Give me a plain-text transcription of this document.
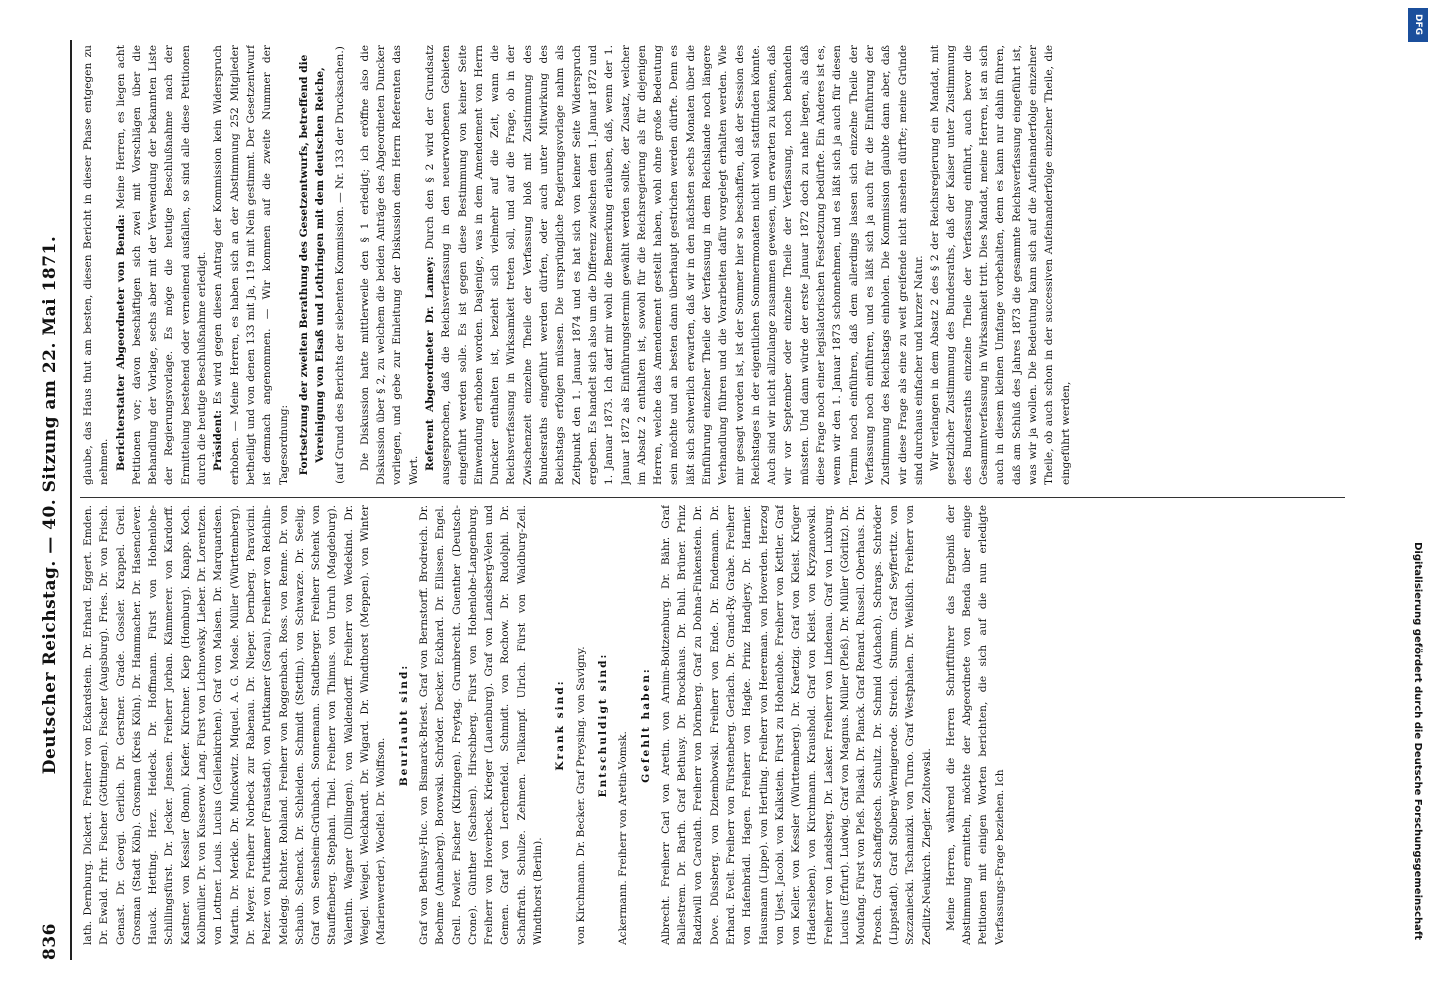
836
Deutscher Reichstag. — 40. Sitzung am 22. Mai 1871. lath. Dernburg. Dickert. Freiherr von Eckardstein. Dr. Erhard. Eggert. Emden. Dr. Ewald. Frhr. Fischer (Göttingen). Fischer (Augsburg). Fries. Dr. von Frisch. Genast. Dr. Georgi. Gerlich. Dr. Gerstner. Grade. Gossler. Krappel. Greil. Grosman (Stadt Köln). Grosman (Kreis Köln). Dr. Hammacher. Dr. Hasenclever. Hauck. Hetting. Herz. Heideck. Dr. Hoffmann. Fürst von Hohenlohe-Schillingsfürst. Dr. Jecker. Jensen. Freiherr Jorban. Kämmerer. von Kardorff. Kastner. von Kessler (Bonn). Kiefer. Kirchner. Kiep (Homburg). Knapp. Koch. Kolbmüller. Dr. von Kusserow. Lang. Fürst von Lichnowsky. Lieber. Dr. Lorentzen. von Lottner. Louis. Lucius (Geilenkirchen). Graf von Malsen. Dr. Marquardsen. Martin. Dr. Merkle. Dr. Minckwitz. Miquel. A. G. Mosle. Müller (Württemberg). Dr. Meyer. Freiherr Norbeck zur Rabenau. Dr. Nieper. Dernberg. Paravicini. Pelzer. von Puttkamer (Fraustadt). von Puttkamer (Sorau). Freiherr von Reichlin-Meldegg. Richter. Rohland. Freiherr von Roggenbach. Ross. von Renne. Dr. von Schaub. Schenck. Dr. Schleiden. Schmidt (Stettin). von Schwarze. Dr. Seelig. Graf von Sensheim-Grünbach. Sonnemann. Stadtberger. Freiherr Schenk von Stauffenberg. Stephani. Thiel. Freiherr von Thimus. von Unruh (Magdeburg). Valentin. Wagner (Dillingen). von Waldendorff. Freiherr von Wedekind. Dr. Weigel. Weigel. Welckhardt. Dr. Wigard. Dr. Windthorst (Meppen). von Winter (Marienwerder). Woelfel. Dr. Wolffson.

Beurlaubt sind: Graf von Bethusy-Huc. von Bismarck-Briest. Graf von Bernstorff. Brodreich. Dr. Boehme (Annaberg). Borowski. Schröder. Decker. Eckhard. Dr. Ellissen. Engel. Grell. Fowler. Fischer (Kitzingen). Freytag. Grumbrecht. Guenther (Deutsch-Crone). Günther (Sachsen). Hirschberg. Fürst von Hohenlohe-Langenburg. Freiherr von Hoverbeck. Krieger (Lauenburg). Graf von Landsberg-Velen und Gemen. Graf von Lerchenfeld. Schmidt. von Rochow. Dr. Rudolphi. Dr. Schaffrath. Schulze. Zehmen. Tellkampf. Ulrich. Fürst von Waldburg-Zeil. Windthorst (Berlin).

Krank sind: von Kirchmann. Dr. Becker. Graf Preysing. von Savigny. Entschuldigt sind:

Ackermann. Freiherr von Aretin-Vomsk.

Gefehlt haben: Albrecht. Freiherr Carl von Aretin. von Arnim-Boitzenburg. Dr. Bähr. Graf Ballestrem. Dr. Barth. Graf Bethusy. Dr. Brockhaus. Dr. Buhl. Brüner. Prinz Radziwill von Carolath. Freiherr von Dörnberg. Graf zu Dohna-Finkenstein. Dr. Dove. Düssberg. von Dziembowski. Freiherr von Ende. Dr. Endemann. Dr. Erhard. Evelt. Freiherr von Fürstenberg. Gerlach. Dr. Grand-Ry. Grabe. Freiherr von Hafenbrädl. Hagen. Freiherr von Hagke. Prinz Handjery. Dr. Harnier. Hausmann (Lippe). von Hertling. Freiherr von Heereman. von Hoverden. Herzog von Ujest. Jacobi. von Kalkstein. Fürst zu Hohenlohe. Freiherr von Kettler. Graf von Keller. von Kessler (Württemberg). Dr. Kraetzig. Graf von Kleist. Krüger (Hadersleben). von Kirchmann. Kraushold. Graf von Kleist. von Kryzanowski. Freiherr von Landsberg. Dr. Lasker. Freiherr von Lindenau. Graf von Luxburg. Lucius (Erfurt). Ludwig. Graf von Magnus. Müller (Pleß). Dr. Müller (Görlitz). Dr. Moufang. Fürst von Pleß. Pilaski. Dr. Planck. Graf Renard. Russell. Oberhaus. Dr. Prosch. Graf Schaffgotsch. Schultz. Dr. Schmid (Aichach). Schraps. Schröder (Lippstadt). Graf Stolberg-Wernigerode. Streich. Stumm. Graf Seyffertitz. von Szczaniecki. Tschanizki. von Turno. Graf Westphalen. Dr. Weißlich. Freiherr von Zedlitz-Neukirch. Ziegler. Zoltowski. Meine Herren, während die Herren Schriftführer das Ergebniß der Abstimmung ermitteln, möchte der Abgeordnete von Benda über einige Petitionen mit einigen Worten berichten, die sich auf die nun erledigte Verfassungs-Frage beziehen. Ich

glaube, das Haus thut am besten, diesen Bericht in dieser Phase entgegen zu nehmen. Berichterstatter Abgeordneter von Benda: Meine Herren, es liegen acht Petitionen vor; davon beschäftigen sich zwei mit Vorschlägen über die Behandlung der Vorlage, sechs aber mit der Verwendung der bekannten Liste der Regierungsvorlage. Es möge die heutige Beschlußnahme nach der Ermittelung bestehend oder verneinend ausfallen, so sind alle diese Petitionen durch die heutige Beschlußnahme erledigt. Präsident: Es wird gegen diesen Antrag der Kommission kein Widerspruch erhoben. — Meine Herren, es haben sich an der Abstimmung 252 Mitglieder betheiligt und von denen 133 mit Ja, 119 mit Nein gestimmt. Der Gesetzentwurf ist demnach angenommen. — Wir kommen auf die zweite Nummer der Tagesordnung: Fortsetzung der zweiten Berathung des Gesetzentwurfs, betreffend die Vereinigung von Elsaß und Lothringen mit dem deutschen Reiche, (auf Grund des Berichts der siebenten Kommission. — Nr. 133 der Drucksachen.) Die Diskussion hatte mittlerweile den § 1 erledigt; ich eröffne also die Diskussion über § 2, zu welchem die beiden Anträge des Abgeordneten Duncker vorliegen, und gebe zur Einleitung der Diskussion dem Herrn Referenten das Wort. Referent Abgeordneter Dr. Lamey: Durch den § 2 wird der Grundsatz ausgesprochen, daß die Reichsverfassung in den neuerworbenen Gebieten eingeführt werden solle. Es ist gegen diese Bestimmung von keiner Seite Einwendung erhoben worden. Dasjenige, was in dem Amendement von Herrn Duncker enthalten ist, bezieht sich vielmehr auf die Zeit, wann die Reichsverfassung in Wirksamkeit treten soll, und auf die Frage, ob in der Zwischenzeit einzelne Theile der Verfassung bloß mit Zustimmung des Bundesraths eingeführt werden dürfen, oder auch unter Mitwirkung des Reichstags erfolgen müssen. Die ursprüngliche Regierungsvorlage nahm als Zeitpunkt den 1. Januar 1874 und es hat sich von keiner Seite Widerspruch ergeben. Es handelt sich also um die Differenz zwischen dem 1. Januar 1872 und 1. Januar 1873. Ich darf mir wohl die Bemerkung erlauben, daß, wenn der 1. Januar 1872 als Einführungstermin gewählt werden sollte, der Zusatz, welcher im Absatz 2 enthalten ist, sowohl für die Reichsregierung als für diejenigen Herren, welche das Amendement gestellt haben, wohl ohne große Bedeutung sein möchte und an besten dann überhaupt gestrichen werden dürfte. Denn es läßt sich schwerlich erwarten, daß wir in den nächsten sechs Monaten über die Einführung einzelner Theile der Verfassung in dem Reichslande noch längere Verhandlung führen und die Vorarbeiten dafür vorgelegt erhalten werden. Wie mir gesagt worden ist, ist der Sommer hier so beschaffen, daß der Session des Reichstages in der eigentlichen Sommermonaten nicht wohl stattfinden könnte. Auch sind wir nicht allzulange zusammen gewesen, um erwarten zu können, daß wir vor September oder einzelne Theile der Verfassung, noch behandeln müssten. Und dann würde der erste Januar 1872 doch zu nahe liegen, als daß diese Frage noch einer legislatorischen Festsetzung bedürfte. Ein Anderes ist es, wenn wir den 1. Januar 1873 schonnehmen, und es läßt sich ja auch für diesen Termin noch einführen, daß dem allerdings lassen sich einzelne Theile der Verfassung noch einführen, und es läßt sich ja auch für die Einführung der Zustimmung des Reichstags einholen. Die Kommission glaubte dann aber, daß wir diese Frage als eine zu weit greifende nicht ansehen dürfte; meine Gründe sind durchaus einfacher und kurzer Natur. Wir verlangen in dem Absatz 2 des § 2 der Reichsregierung ein Mandat, mit gesetzlicher Zustimmung des Bundesraths, daß der Kaiser unter Zustimmung des Bundesraths einzelne Theile der Verfassung einführt, auch bevor die Gesammtverfassung in Wirksamkeit tritt. Dies Mandat, meine Herren, ist an sich auch in diesem kleinen Umfange vorbehalten, denn es kann nur dahin führen, daß am Schluß des Jahres 1873 die gesammte Reichsverfassung eingeführt ist, was wir ja wollen. Die Bedeutung kann sich auf die Aufeinanderfolge einzelner Theile, ob auch schon in der successiven Aufeinanderfolge einzelner Theile, die eingeführt werden,

DFG
Digitalisierung gefördert durch die Deutsche Forschungsgemeinschaft
